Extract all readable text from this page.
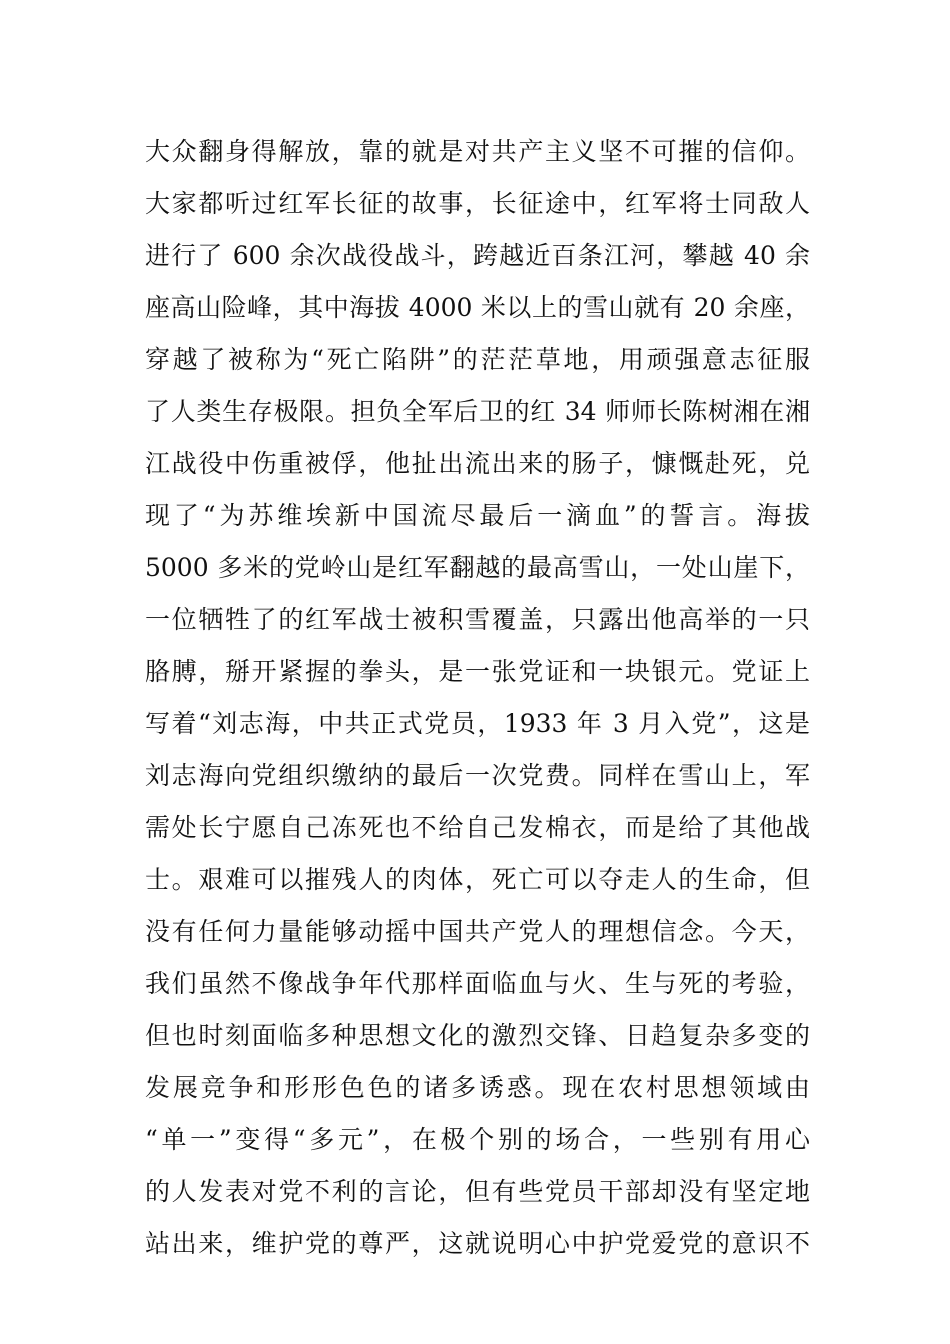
大众翻身得解放，靠的就是对共产主义坚不可摧的信仰。
大家都听过红军长征的故事，长征途中，红军将士同敌人
进行了 600 余次战役战斗，跨越近百条江河，攀越 40 余
座高山险峰，其中海拔 4000 米以上的雪山就有 20 余座，
穿越了被称为“死亡陷阱”的茫茫草地，用顽强意志征服
了人类生存极限。担负全军后卫的红 34 师师长陈树湘在湘
江战役中伤重被俘，他扯出流出来的肠子，慷慨赴死，兑
现了“为苏维埃新中国流尽最后一滴血”的誓言。海拔
5000 多米的党岭山是红军翻越的最高雪山，一处山崖下，
一位牺牲了的红军战士被积雪覆盖，只露出他高举的一只
胳膊，掰开紧握的拳头，是一张党证和一块银元。党证上
写着“刘志海，中共正式党员，1933 年 3 月入党”，这是
刘志海向党组织缴纳的最后一次党费。同样在雪山上，军
需处长宁愿自己冻死也不给自己发棉衣，而是给了其他战
士。艰难可以摧残人的肉体，死亡可以夺走人的生命，但
没有任何力量能够动摇中国共产党人的理想信念。今天，
我们虽然不像战争年代那样面临血与火、生与死的考验，
但也时刻面临多种思想文化的激烈交锋、日趋复杂多变的
发展竞争和形形色色的诸多诱惑。现在农村思想领域由
“单一”变得“多元”，在极个别的场合，一些别有用心
的人发表对党不利的言论，但有些党员干部却没有坚定地
站出来，维护党的尊严，这就说明心中护党爱党的意识不
